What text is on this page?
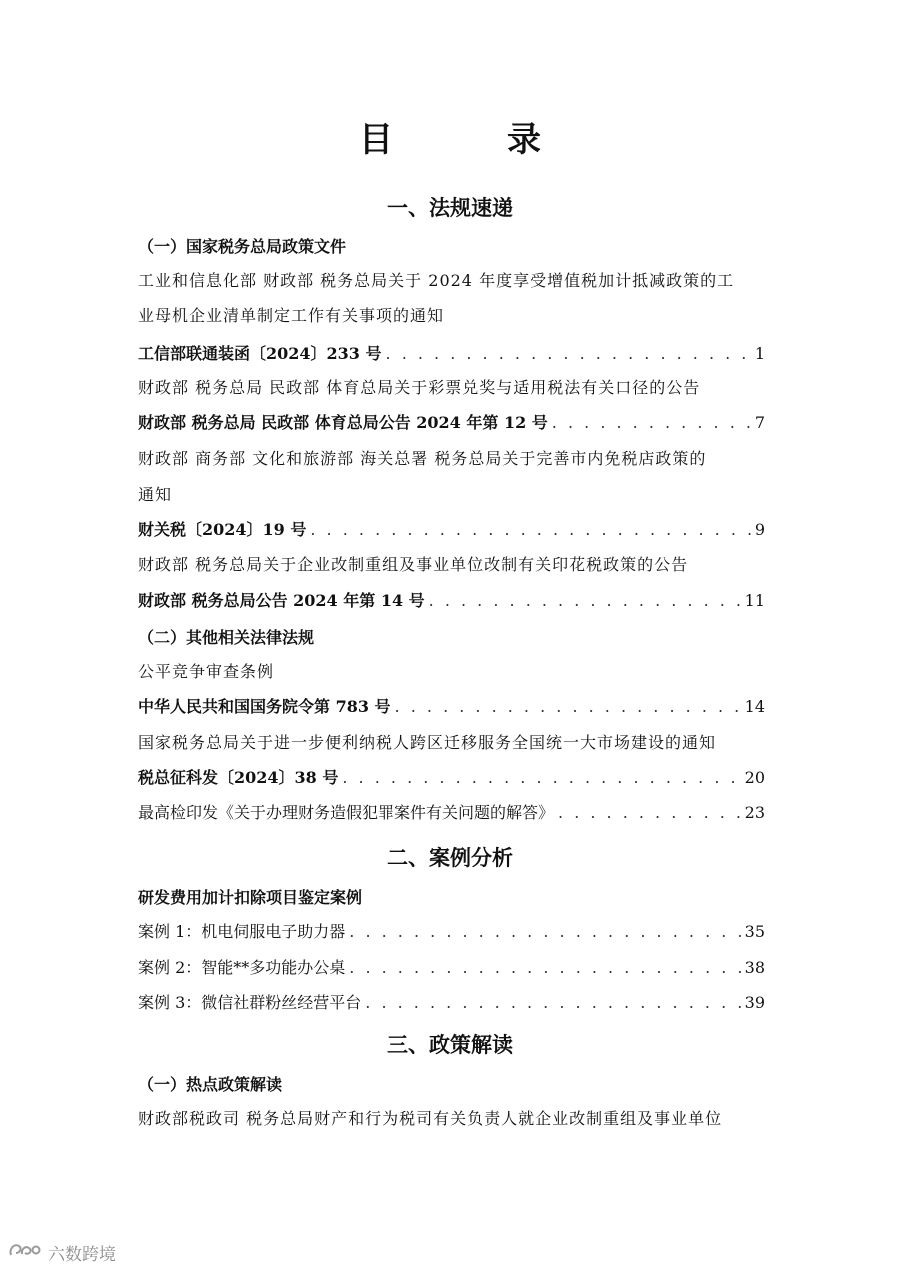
目　录
一、法规速递
（一）国家税务总局政策文件
工业和信息化部 财政部 税务总局关于 2024 年度享受增值税加计抵减政策的工
业母机企业清单制定工作有关事项的通知
工信部联通装函〔2024〕233 号 . . .	1
财政部 税务总局 民政部 体育总局关于彩票兑奖与适用税法有关口径的公告
财政部 税务总局 民政部 体育总局公告 2024 年第 12 号 . . .	7
财政部 商务部 文化和旅游部 海关总署 税务总局关于完善市内免税店政策的
通知
财关税〔2024〕19 号 . . .	9
财政部 税务总局关于企业改制重组及事业单位改制有关印花税政策的公告
财政部 税务总局公告 2024 年第 14 号 . . .	11
（二）其他相关法律法规
公平竞争审查条例
中华人民共和国国务院令第 783 号 . . .	14
国家税务总局关于进一步便利纳税人跨区迁移服务全国统一大市场建设的通知
税总征科发〔2024〕38 号 . . .	20
最高检印发《关于办理财务造假犯罪案件有关问题的解答》 . . .	23
二、案例分析
研发费用加计扣除项目鉴定案例
案例 1：机电伺服电子助力器 . . .	35
案例 2：智能**多功能办公桌 . . .	38
案例 3：微信社群粉丝经营平台 . . .	39
三、政策解读
（一）热点政策解读
财政部税政司 税务总局财产和行为税司有关负责人就企业改制重组及事业单位
六数跨境
